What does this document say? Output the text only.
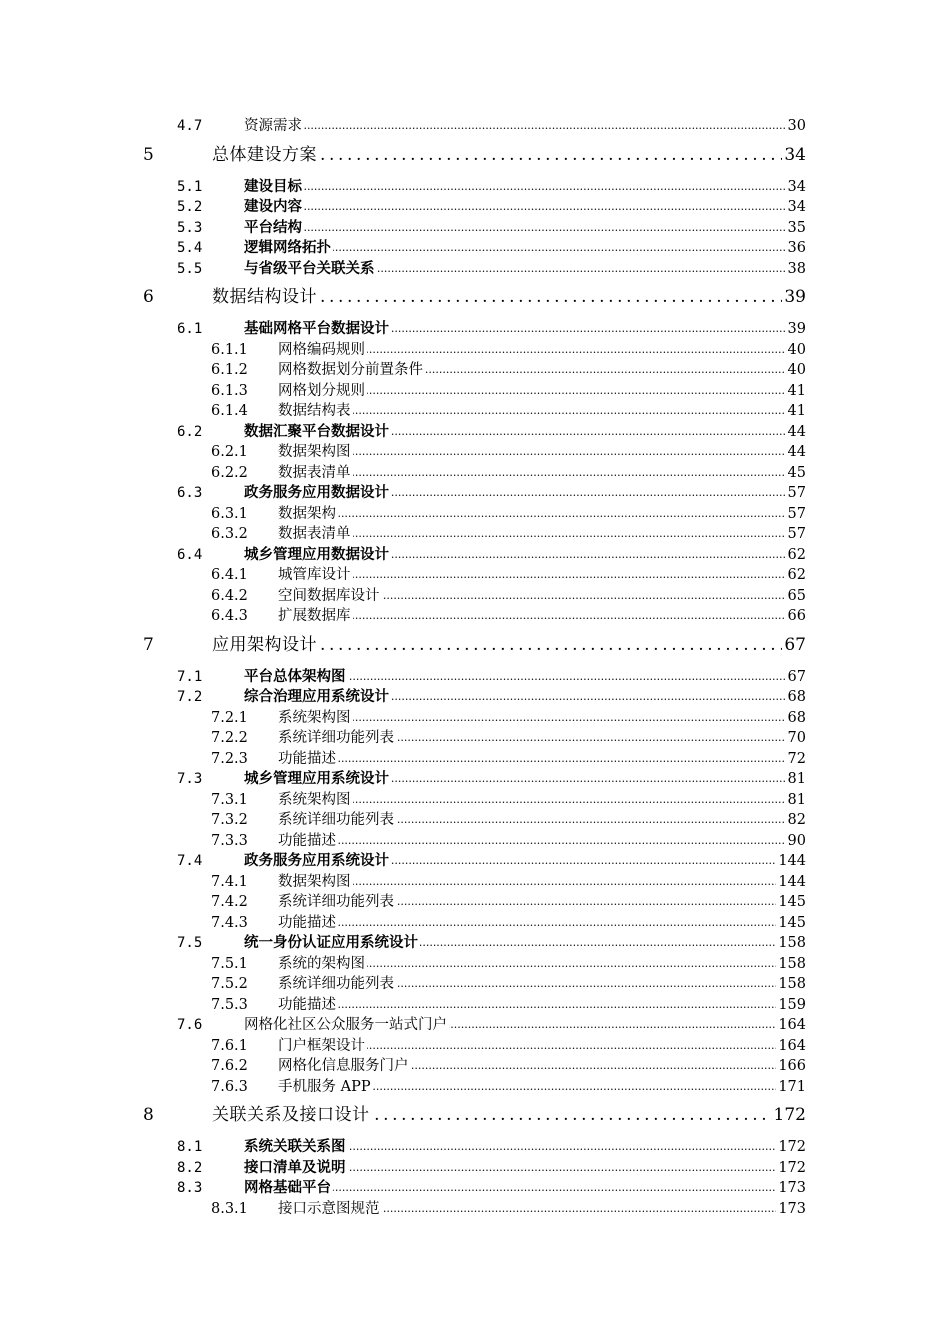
4.7 .....	资源需求	30
5 .....	总体建设方案	34
5.1 .....	建设目标	34
5.2 .....	建设内容	34
5.3 .....	平台结构	35
5.4 .....	逻辑网络拓扑	36
5.5 .....	与省级平台关联关系	38
6 .....	数据结构设计	39
6.1 .....	基础网格平台数据设计	39
6.1.1 ..... 网格编码规则	40
6.1.2 ..... 网格数据划分前置条件	40
6.1.3 ..... 网格划分规则	41
6.1.4 ..... 数据结构表	41
6.2 .....	数据汇聚平台数据设计	44
6.2.1 ..... 数据架构图	44
6.2.2 ..... 数据表清单	45
6.3 .....	政务服务应用数据设计	57
6.3.1 ..... 数据架构	57
6.3.2 ..... 数据表清单	57
6.4 .....	城乡管理应用数据设计	62
6.4.1 ..... 城管库设计	62
6.4.2 ..... 空间数据库设计	65
6.4.3 ..... 扩展数据库	66
7 .....	应用架构设计	67
7.1 .....	平台总体架构图	67
7.2 .....	综合治理应用系统设计	68
7.2.1 ..... 系统架构图	68
7.2.2 ..... 系统详细功能列表	70
7.2.3 ..... 功能描述	72
7.3 .....	城乡管理应用系统设计	81
7.3.1 ..... 系统架构图	81
7.3.2 ..... 系统详细功能列表	82
7.3.3 ..... 功能描述	90
7.4 .....	政务服务应用系统设计	144
7.4.1 ..... 数据架构图	144
7.4.2 ..... 系统详细功能列表	145
7.4.3 ..... 功能描述	145
7.5 .....	统一身份认证应用系统设计	158
7.5.1 ..... 系统的架构图	158
7.5.2 ..... 系统详细功能列表	158
7.5.3 ..... 功能描述	159
7.6 .....	网格化社区公众服务一站式门户	164
7.6.1 ..... 门户框架设计	164
7.6.2 ..... 网格化信息服务门户	166
7.6.3 ..... 手机服务 APP	171
8 .....	关联关系及接口设计	172
8.1 .....	系统关联关系图	172
8.2 .....	接口清单及说明	172
8.3 .....	网格基础平台	173
8.3.1 ..... 接口示意图规范	173
